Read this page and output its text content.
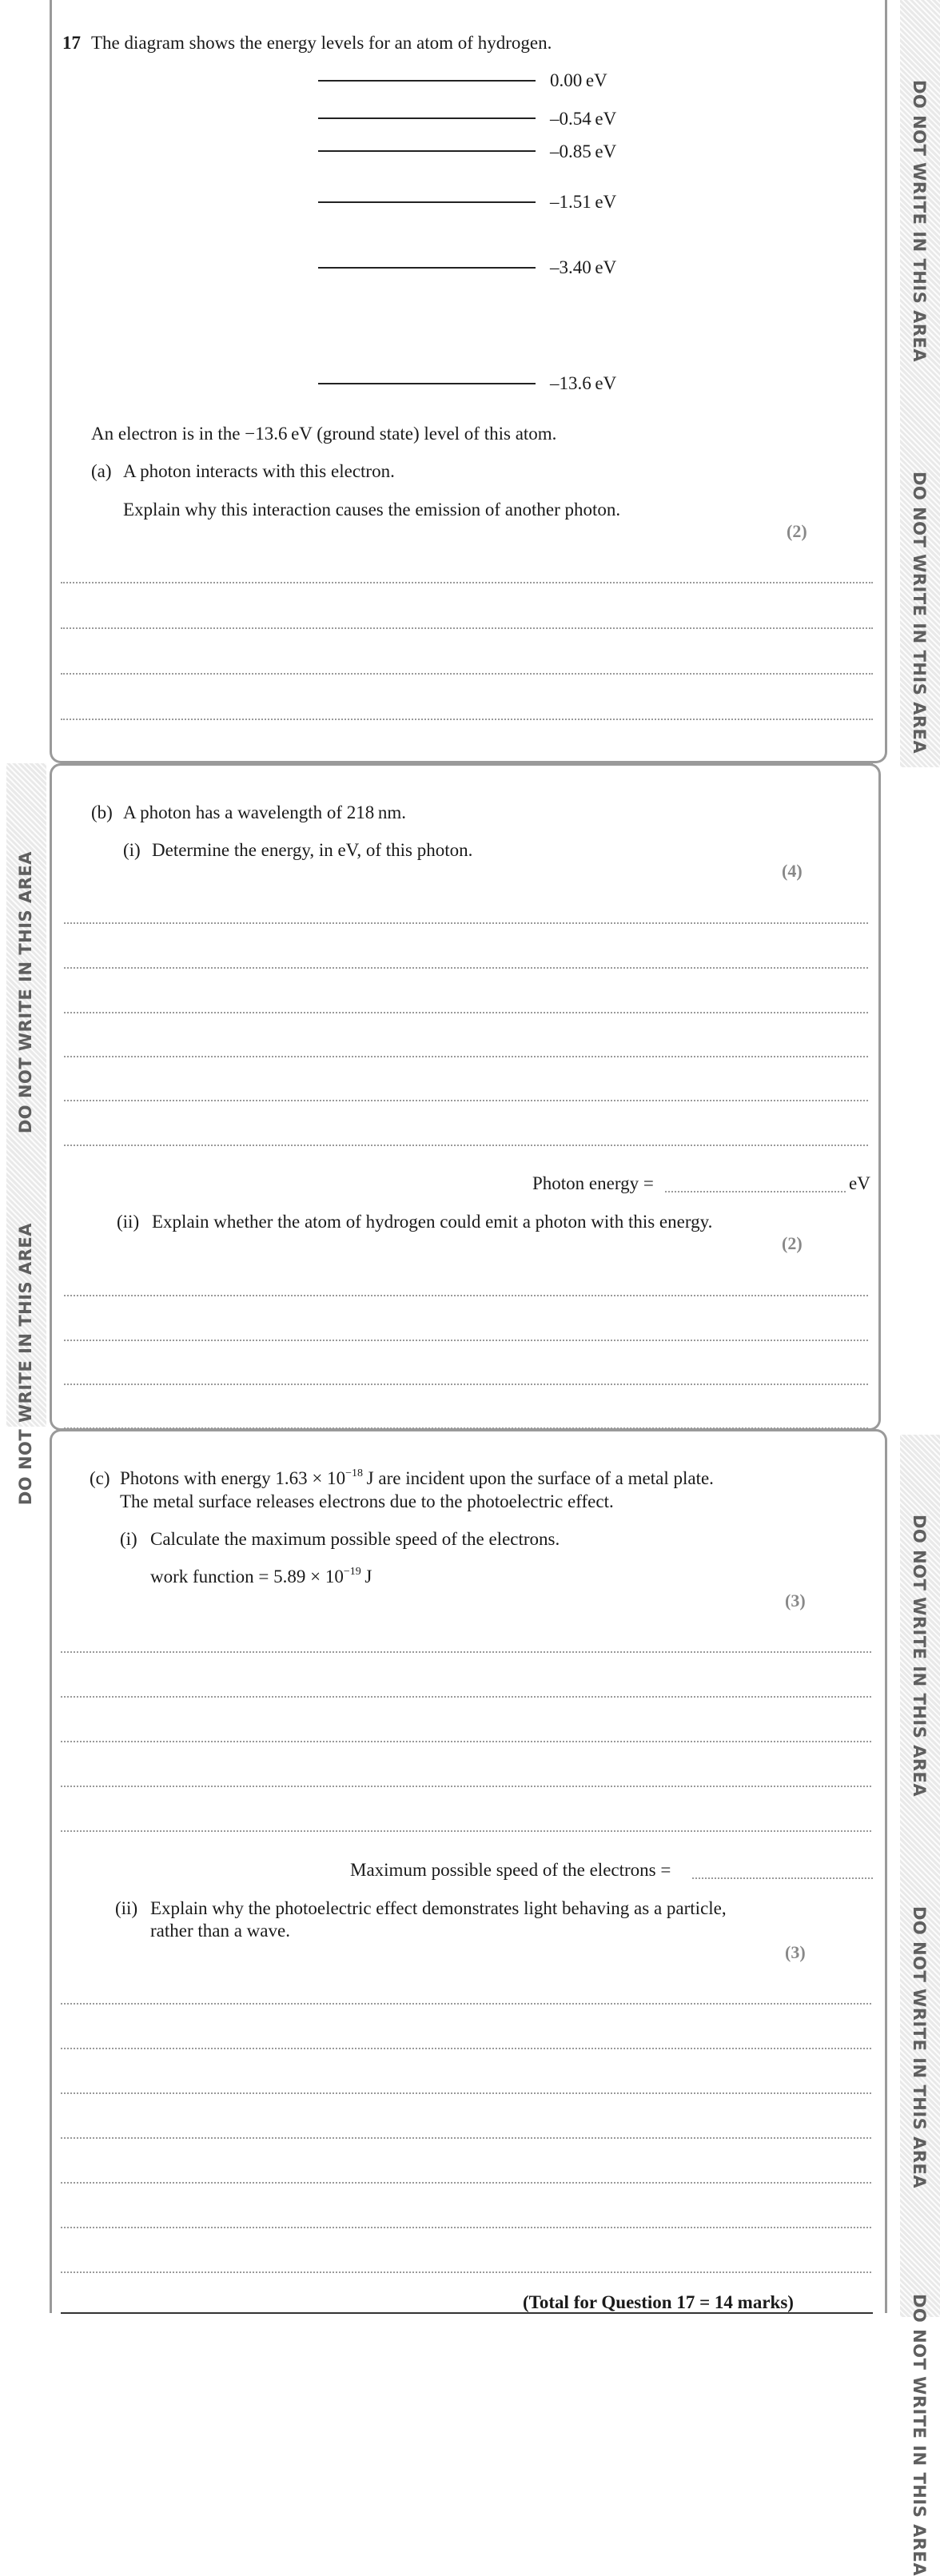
DO NOT WRITE IN THIS AREA
DO NOT WRITE IN THIS AREA
17 The diagram shows the energy levels for an atom of hydrogen.
0.00 eV
–0.54 eV
–0.85 eV
–1.51 eV
–3.40 eV
–13.6 eV
An electron is in the −13.6 eV (ground state) level of this atom.
(a) A photon interacts with this electron.
Explain why this interaction causes the emission of another photon.
(2)
DO NOT WRITE IN THIS AREA
DO NOT WRITE IN THIS AREA
(b) A photon has a wavelength of 218 nm.
(i) Determine the energy, in eV, of this photon.
(4)
Photon energy =	eV
(ii) Explain whether the atom of hydrogen could emit a photon with this energy.
(2)
DO NOT WRITE IN THIS AREA
DO NOT WRITE IN THIS AREA
DO NOT WRITE IN THIS AREA
(c) Photons with energy $1.63 \times 10^{-18}$ J are incident upon the surface of a metal plate.
The metal surface releases electrons due to the photoelectric effect.
(i) Calculate the maximum possible speed of the electrons.
work function = $5.89 \times 10^{-19}$ J
(3)
Maximum possible speed of the electrons =
(ii) Explain why the photoelectric effect demonstrates light behaving as a particle,
rather than a wave.
(3)
(Total for Question 17 = 14 marks)
